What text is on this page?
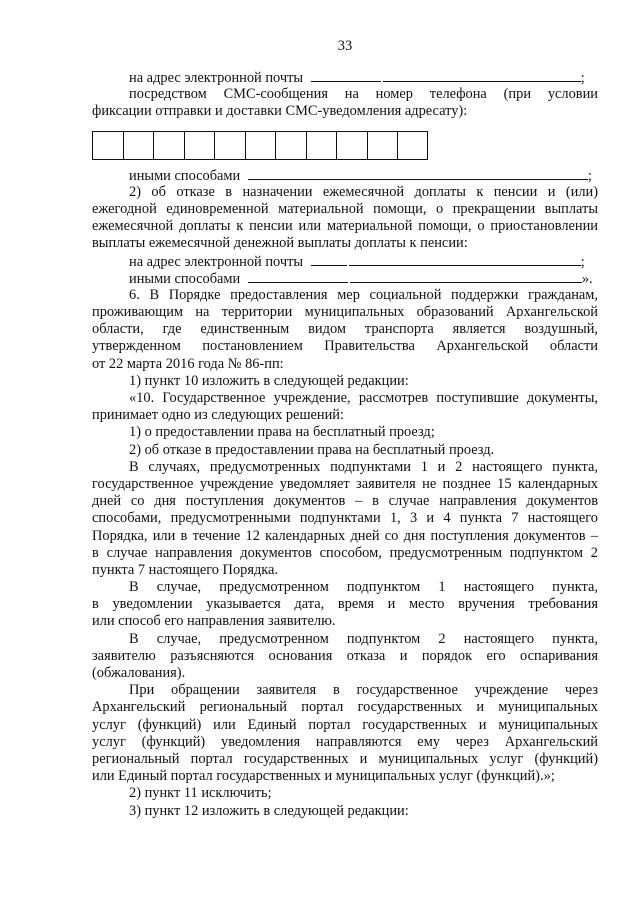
33
на адрес электронной почты	;
посредством СМС-сообщения на номер телефона (при условии
фиксации отправки и доставки СМС-уведомления адресату):
иными способами	;
2) об отказе в назначении ежемесячной доплаты к пенсии и (или)
ежегодной единовременной материальной помощи, о прекращении выплаты
ежемесячной доплаты к пенсии или материальной помощи, о приостановлении
выплаты ежемесячной денежной выплаты доплаты к пенсии:
на адрес электронной почты	;
иными способами	».
6. В Порядке предоставления мер социальной поддержки гражданам,
проживающим на территории муниципальных образований Архангельской
области, где единственным видом транспорта является воздушный,
утвержденном постановлением Правительства Архангельской области
от 22 марта 2016 года № 86-пп:
1) пункт 10 изложить в следующей редакции:
«10. Государственное учреждение, рассмотрев поступившие документы,
принимает одно из следующих решений:
1) о предоставлении права на бесплатный проезд;
2) об отказе в предоставлении права на бесплатный проезд.
В случаях, предусмотренных подпунктами 1 и 2 настоящего пункта,
государственное учреждение уведомляет заявителя не позднее 15 календарных
дней со дня поступления документов – в случае направления документов
способами, предусмотренными подпунктами 1, 3 и 4 пункта 7 настоящего
Порядка, или в течение 12 календарных дней со дня поступления документов –
в случае направления документов способом, предусмотренным подпунктом 2
пункта 7 настоящего Порядка.
В случае, предусмотренном подпунктом 1 настоящего пункта,
в уведомлении указывается дата, время и место вручения требования
или способ его направления заявителю.
В случае, предусмотренном подпунктом 2 настоящего пункта,
заявителю разъясняются основания отказа и порядок его оспаривания
(обжалования).
При обращении заявителя в государственное учреждение через
Архангельский региональный портал государственных и муниципальных
услуг (функций) или Единый портал государственных и муниципальных
услуг (функций) уведомления направляются ему через Архангельский
региональный портал государственных и муниципальных услуг (функций)
или Единый портал государственных и муниципальных услуг (функций).»;
2) пункт 11 исключить;
3) пункт 12 изложить в следующей редакции:
